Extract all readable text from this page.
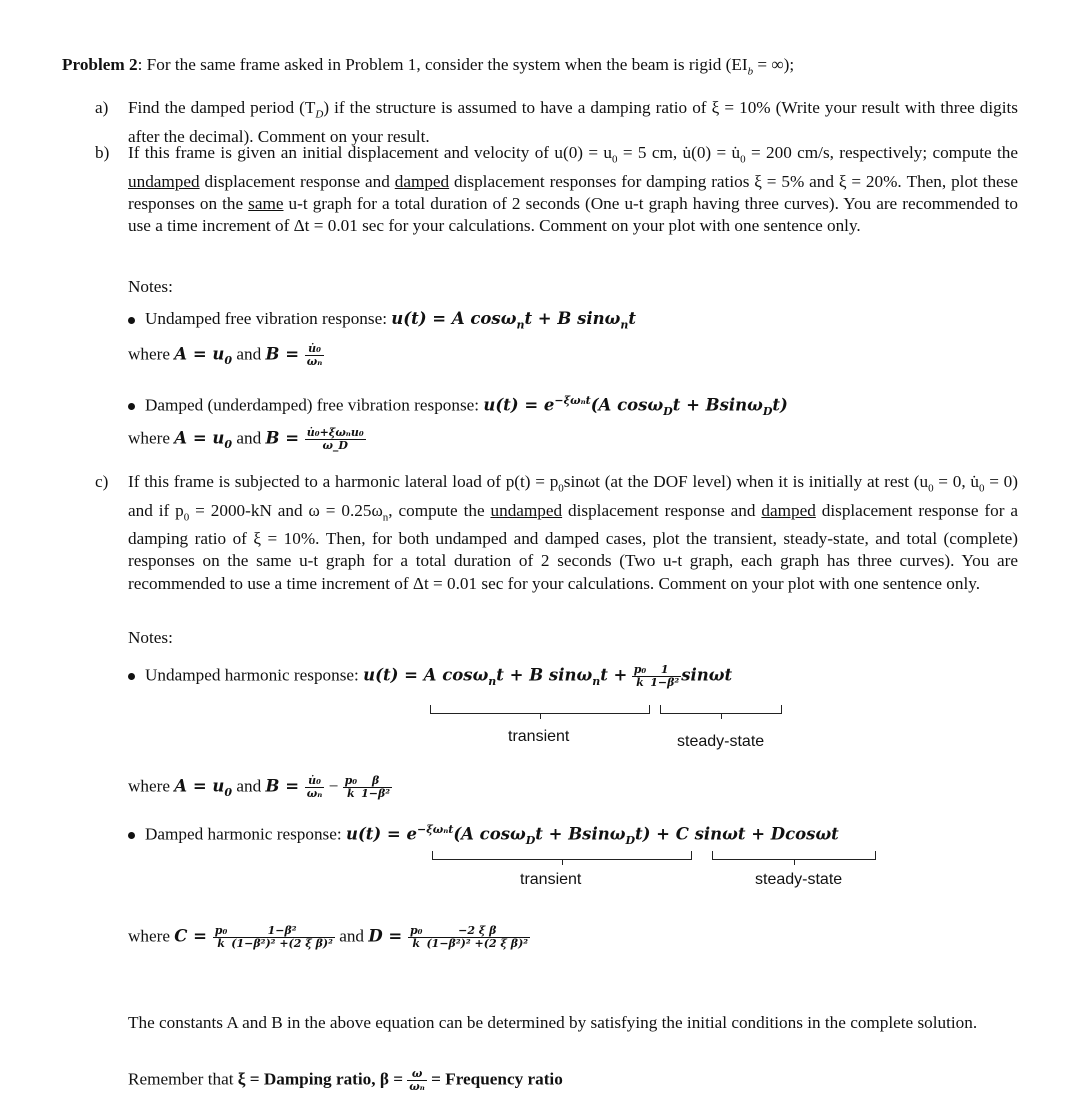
Problem 2: For the same frame asked in Problem 1, consider the system when the beam is rigid ($EI_b$ = ∞);
a) Find the damped period $(T_D)$ if the structure is assumed to have a damping ratio of ξ = 10% (Write your result with three digits after the decimal). Comment on your result.
b) If this frame is given an initial displacement and velocity of $u(0) = u_0 = 5$ cm, u̇(0) = $u̇_0 = 200$ cm/s, respectively; compute the undamped displacement response and damped displacement responses for damping ratios ξ = 5% and ξ = 20%. Then, plot these responses on the same u-t graph for a total duration of 2 seconds (One u-t graph having three curves). You are recommended to use a time increment of Δt = 0.01 sec for your calculations. Comment on your plot with one sentence only.
Notes:
Undamped free vibration response: u(t) = A cosω$_n$t + B sinω$_n$t
where $A = u_0$ and $B = \frac{\text{u̇₀}}{\text{ωₙ}}$
Damped (underdamped) free vibration response: $u(t) = e^{-\xi\omega_nt}(A$ cosω$_D$t + Bsinω$_D$t)
where $A = u_0$ and $B = \frac{\text{u̇₀+ξωₙu₀}}{\omega\_D}$
c) If this frame is subjected to a harmonic lateral load of $p(t) = p_0\sin\omega t$ (at the DOF level) when it is initially at rest ($u_0 = 0$, $u̇_0 = 0$) and if $p_0 = 2000-kN$ and $\omega = 0.25\omega_n$, compute the undamped displacement response and damped displacement response for a damping ratio of ξ = 10%. Then, for both undamped and damped cases, plot the transient, steady-state, and total (complete) responses on the same u-t graph for a total duration of 2 seconds (Two u-t graph, each graph has three curves). You are recommended to use a time increment of Δt = 0.01 sec for your calculations. Comment on your plot with one sentence only.
Notes:
Undamped harmonic response: u(t) = A cosω$_n$t + B $\sin\omega_nt + \frac{\text{p₀}}{k} \frac{1}{\text{1−β²}}$ sinωt
transient	steady-state
where $A = u_0$ and $B = \frac{\text{u̇₀}}{\text{ωₙ}} - \frac{\text{p₀}}{k} \frac{\beta}{\text{1−β²}}$
Damped harmonic response: $u(t) = e^{-\xi\omega_nt}(A$ cosω$_D$t + Bsinω$_D$t) + C sinωt + Dcosωt
transient	steady-state
where $C = \frac{\text{p₀}}{k} \frac{\text{1−β²}}{\text{(1−β²)² +(2 ξ β)²}}$ and $D = \frac{\text{p₀}}{k} \frac{\text{−2 ξ β}}{\text{(1−β²)² +(2 ξ β)²}}$
The constants A and B in the above equation can be determined by satisfying the initial conditions in the complete solution.
Remember that ξ = Damping ratio, $\beta = \frac{\omega}{\text{ωₙ}}$ = Frequency ratio
